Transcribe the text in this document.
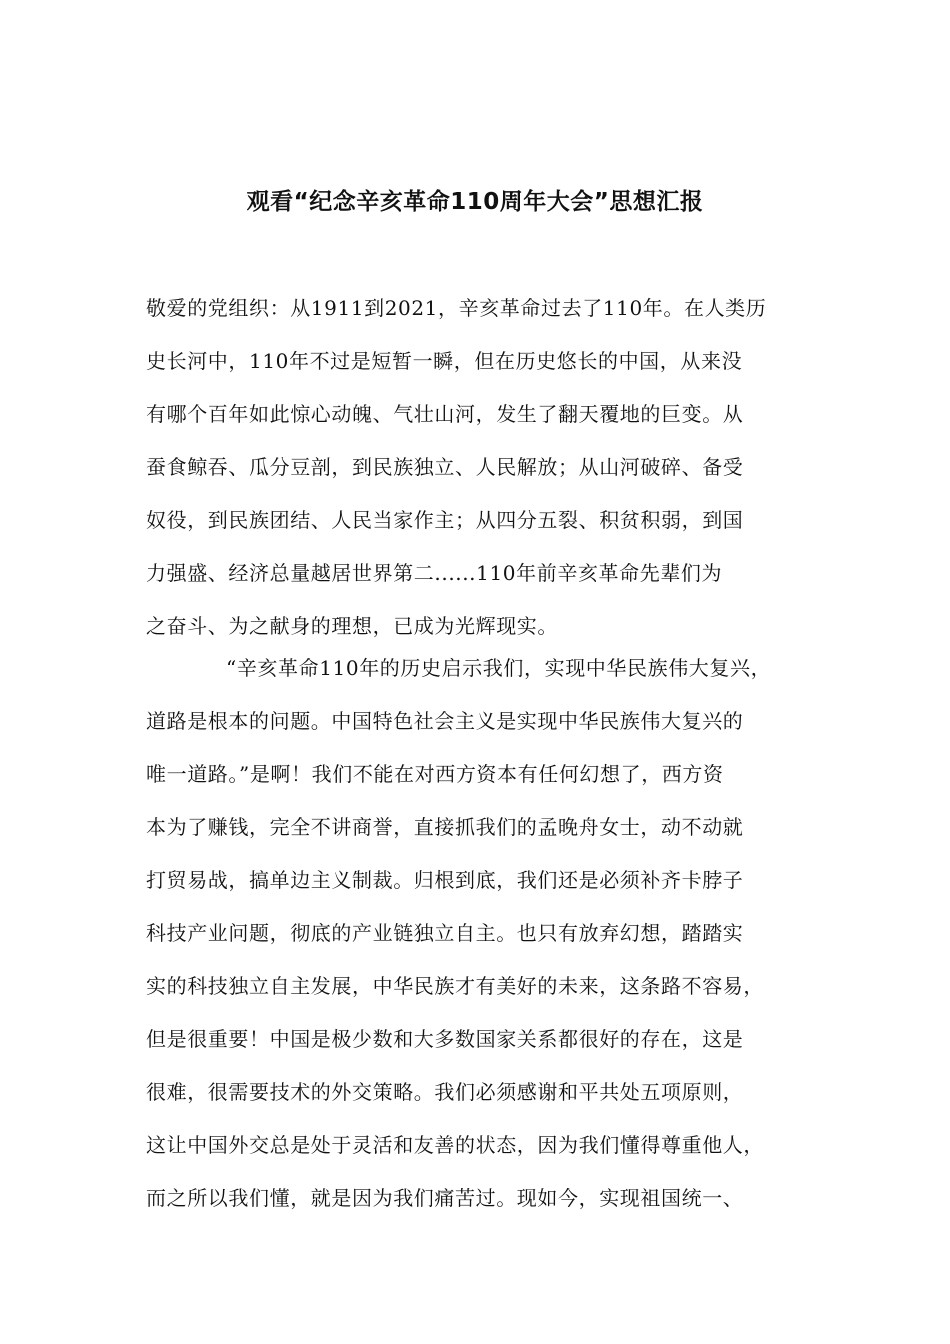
观看“纪念辛亥革命110周年大会”思想汇报

敬爱的党组织：从1911到2021，辛亥革命过去了110年。在人类历
史长河中，110年不过是短暂一瞬，但在历史悠长的中国，从来没
有哪个百年如此惊心动魄、气壮山河，发生了翻天覆地的巨变。从
蚕食鲸吞、瓜分豆剖，到民族独立、人民解放；从山河破碎、备受
奴役，到民族团结、人民当家作主；从四分五裂、积贫积弱，到国
力强盛、经济总量越居世界第二......110年前辛亥革命先辈们为
之奋斗、为之献身的理想，已成为光辉现实。

“辛亥革命110年的历史启示我们，实现中华民族伟大复兴，
道路是根本的问题。中国特色社会主义是实现中华民族伟大复兴的
唯一道路。”是啊！我们不能在对西方资本有任何幻想了，西方资
本为了赚钱，完全不讲商誉，直接抓我们的孟晚舟女士，动不动就
打贸易战，搞单边主义制裁。归根到底，我们还是必须补齐卡脖子
科技产业问题，彻底的产业链独立自主。也只有放弃幻想，踏踏实
实的科技独立自主发展，中华民族才有美好的未来，这条路不容易，
但是很重要！中国是极少数和大多数国家关系都很好的存在，这是
很难，很需要技术的外交策略。我们必须感谢和平共处五项原则，
这让中国外交总是处于灵活和友善的状态，因为我们懂得尊重他人，
而之所以我们懂，就是因为我们痛苦过。现如今，实现祖国统一、
